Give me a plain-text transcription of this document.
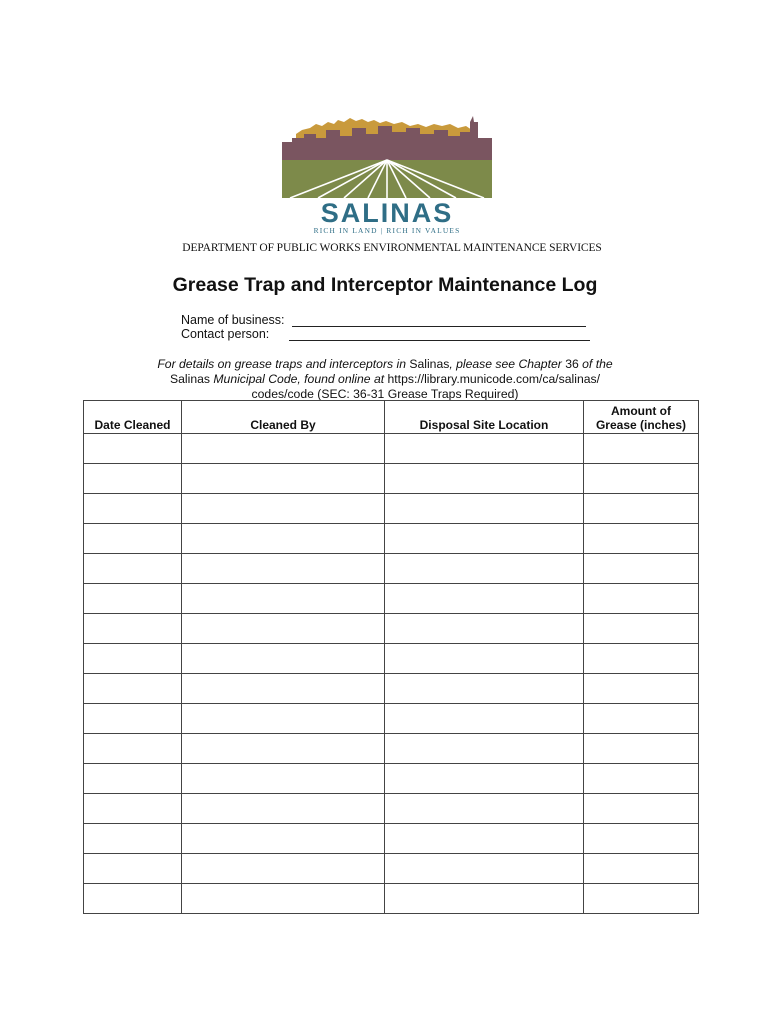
SALINAS
RICH IN LAND | RICH IN VALUES
DEPARTMENT OF PUBLIC WORKS ENVIRONMENTAL MAINTENANCE SERVICES
Grease Trap and Interceptor Maintenance Log
Name of business:
Contact person:
For details on grease traps and interceptors in Salinas, please see Chapter 36 of the
Salinas Municipal Code, found online at https://library.municode.com/ca/salinas/
codes/code (SEC: 36-31 Grease Traps Required)
Date Cleaned	Cleaned By	Disposal Site Location	Amount of
Grease (inches)
